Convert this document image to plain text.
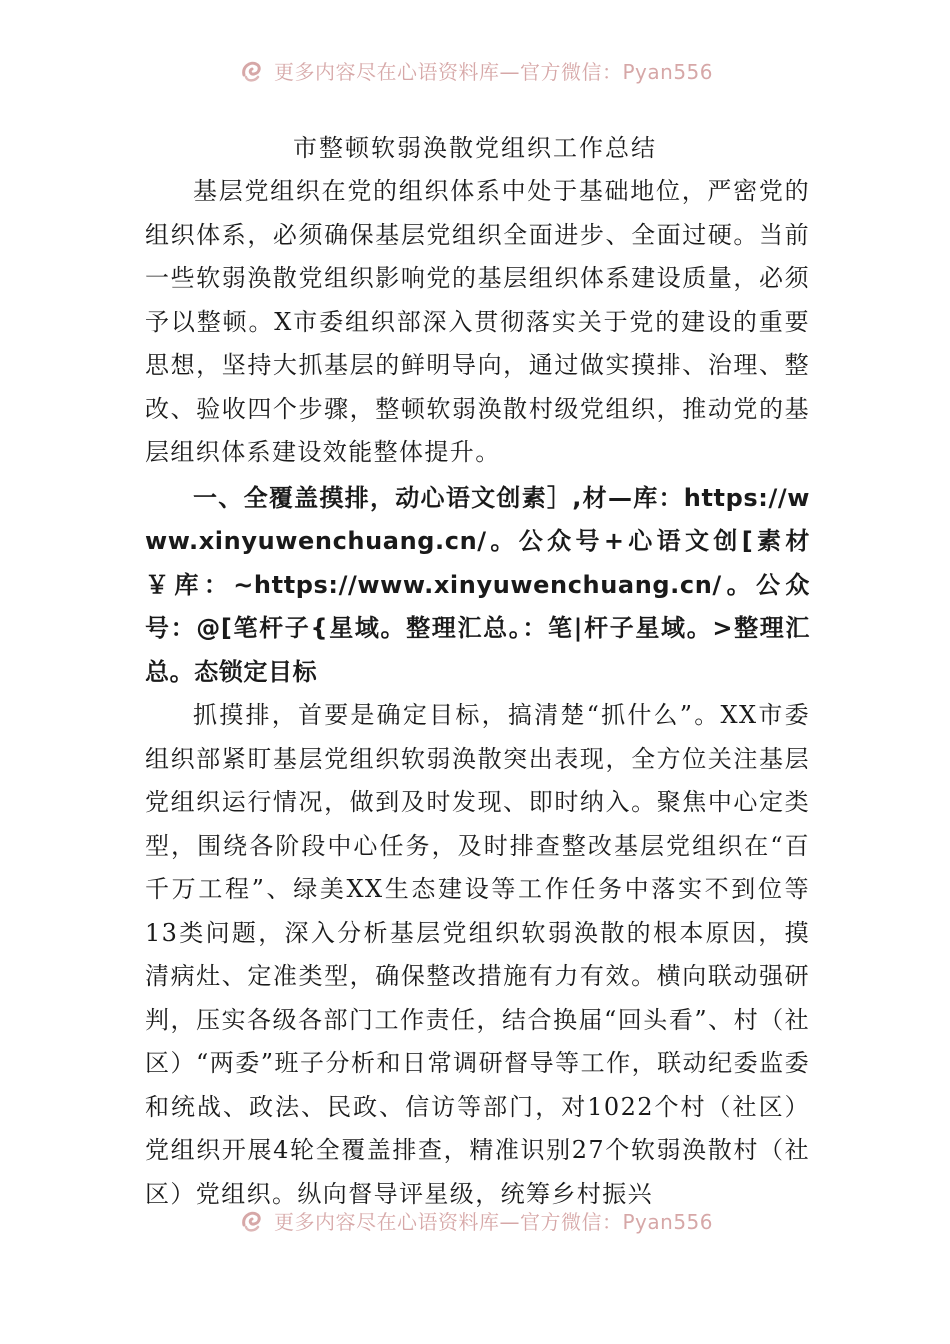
更多内容尽在心语资料库—官方微信：Pyan556
市整顿软弱涣散党组织工作总结

基层党组织在党的组织体系中处于基础地位，严密党的组织体系，必须确保基层党组织全面进步、全面过硬。当前一些软弱涣散党组织影响党的基层组织体系建设质量，必须予以整顿。X市委组织部深入贯彻落实关于党的建设的重要思想，坚持大抓基层的鲜明导向，通过做实摸排、治理、整改、验收四个步骤，整顿软弱涣散村级党组织，推动党的基层组织体系建设效能整体提升。

一、全覆盖摸排，动心语文创素］,材—库：https://www.xinyuwenchuang.cn/。公众号+心语文创[素材￥库：~https://www.xinyuwenchuang.cn/。公众号：@[笔杆子{星域。整理汇总。：笔|杆子星域。>整理汇总。态锁定目标

抓摸排，首要是确定目标，搞清楚“抓什么”。XX市委组织部紧盯基层党组织软弱涣散突出表现，全方位关注基层党组织运行情况，做到及时发现、即时纳入。聚焦中心定类型，围绕各阶段中心任务，及时排查整改基层党组织在“百千万工程”、绿美XX生态建设等工作任务中落实不到位等13类问题，深入分析基层党组织软弱涣散的根本原因，摸清病灶、定准类型，确保整改措施有力有效。横向联动强研判，压实各级各部门工作责任，结合换届“回头看”、村（社区）“两委”班子分析和日常调研督导等工作，联动纪委监委和统战、政法、民政、信访等部门，对1022个村（社区）党组织开展4轮全覆盖排查，精准识别27个软弱涣散村（社区）党组织。纵向督导评星级，统筹乡村振兴

更多内容尽在心语资料库—官方微信：Pyan556
